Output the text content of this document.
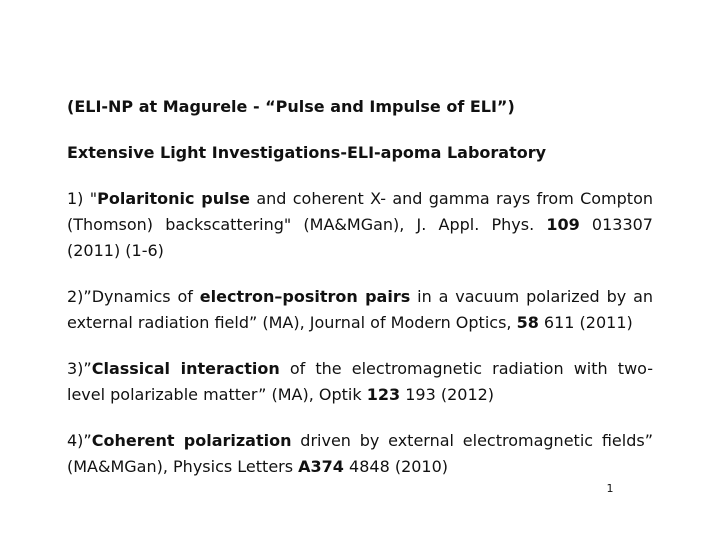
(ELI-NP at Magurele - “Pulse and Impulse of ELI”)

Extensive Light Investigations-ELI-apoma Laboratory

1) "Polaritonic pulse and coherent X- and gamma rays from Compton (Thomson) backscattering" (MA&MGan), J. Appl. Phys. 109 013307 (2011) (1-6)

2)”Dynamics of electron–positron pairs in a vacuum polarized by an external radiation field” (MA), Journal of Modern Optics, 58 611 (2011)

3)”Classical interaction of the electromagnetic radiation with two-level polarizable matter” (MA), Optik 123 193 (2012)

4)”Coherent polarization driven by external electromagnetic fields” (MA&MGan), Physics Letters A374 4848 (2010)

1
